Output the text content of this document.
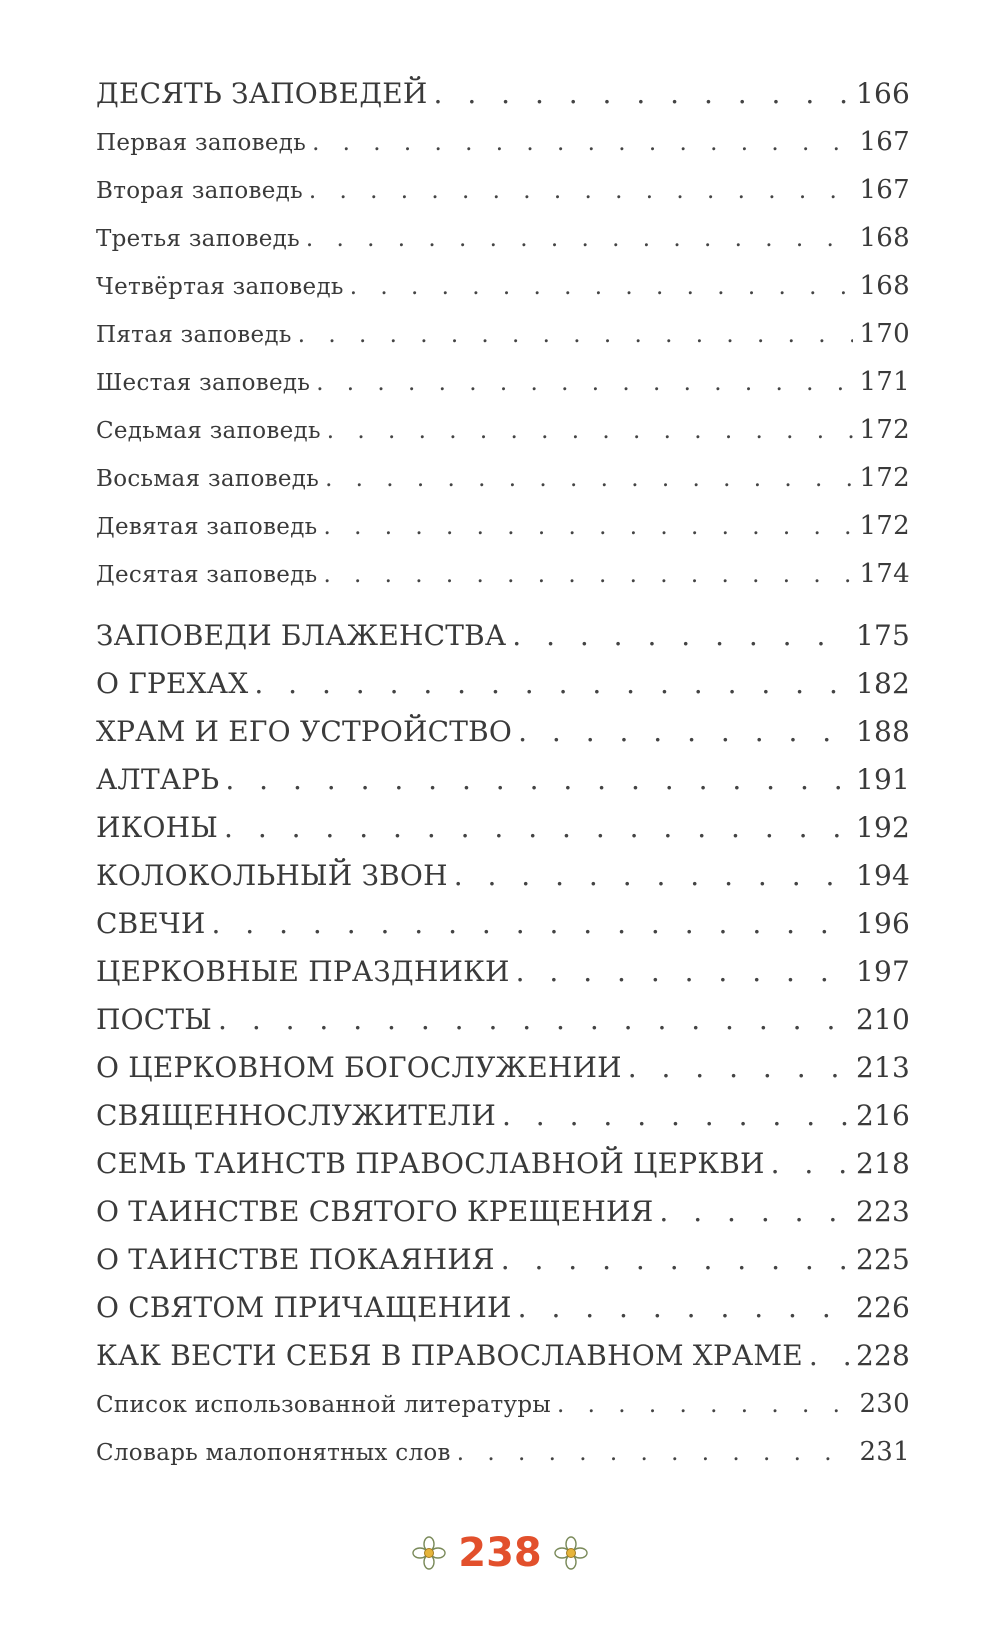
ДЕСЯТЬ ЗАПОВЕДЕЙ . . .	166
Первая заповедь . . .	167
Вторая заповедь . . .	167
Третья заповедь . . .	168
Четвёртая заповедь . . .	168
Пятая заповедь . . .	170
Шестая заповедь . . .	171
Седьмая заповедь . . .	172
Восьмая заповедь . . .	172
Девятая заповедь . . .	172
Десятая заповедь . . .	174
ЗАПОВЕДИ БЛАЖЕНСТВА . . .	175
О ГРЕХАХ . . .	182
ХРАМ И ЕГО УСТРОЙСТВО . . .	188
АЛТАРЬ . . .	191
ИКОНЫ . . .	192
КОЛОКОЛЬНЫЙ ЗВОН . . .	194
СВЕЧИ . . .	196
ЦЕРКОВНЫЕ ПРАЗДНИКИ . . .	197
ПОСТЫ . . .	210
О ЦЕРКОВНОМ БОГОСЛУЖЕНИИ . . .	213
СВЯЩЕННОСЛУЖИТЕЛИ . . .	216
СЕМЬ ТАИНСТВ ПРАВОСЛАВНОЙ ЦЕРКВИ . . .	218
О ТАИНСТВЕ СВЯТОГО КРЕЩЕНИЯ . . .	223
О ТАИНСТВЕ ПОКАЯНИЯ . . .	225
О СВЯТОМ ПРИЧАЩЕНИИ . . .	226
КАК ВЕСТИ СЕБЯ В ПРАВОСЛАВНОМ ХРАМЕ . . . 228
Список использованной литературы . . .	230
Словарь малопонятных слов . . .	231
238
